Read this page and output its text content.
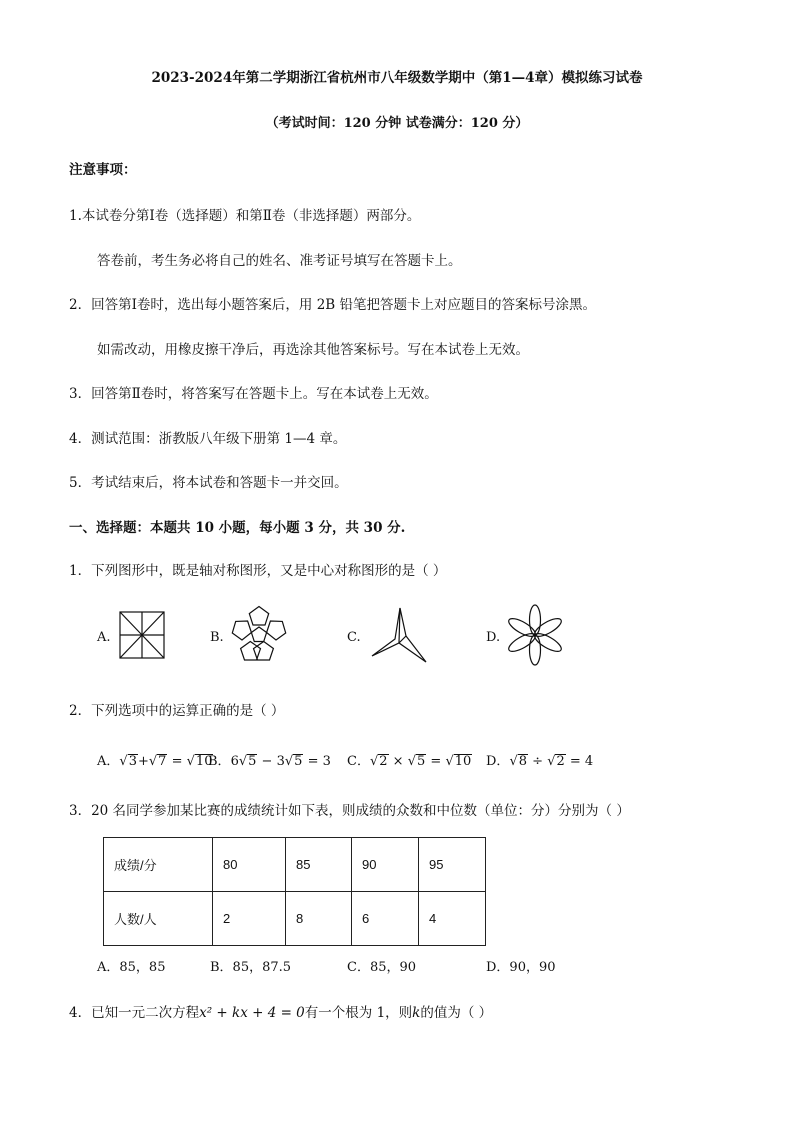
2023-2024年第二学期浙江省杭州市八年级数学期中（第1—4章）模拟练习试卷
（考试时间：120 分钟 试卷满分：120 分）
注意事项：
1.本试卷分第Ⅰ卷（选择题）和第Ⅱ卷（非选择题）两部分。
答卷前，考生务必将自己的姓名、准考证号填写在答题卡上。
2．回答第Ⅰ卷时，选出每小题答案后，用 2B 铅笔把答题卡上对应题目的答案标号涂黑。
如需改动，用橡皮擦干净后，再选涂其他答案标号。写在本试卷上无效。
3．回答第Ⅱ卷时，将答案写在答题卡上。写在本试卷上无效。
4．测试范围：浙教版八年级下册第 1—4 章。
5．考试结束后，将本试卷和答题卡一并交回。
一、选择题：本题共 10 小题，每小题 3 分，共 30 分.
1．下列图形中，既是轴对称图形，又是中心对称图形的是（ ）
A.	B.	C.	D.
2．下列选项中的运算正确的是（ ）
A．√3+√7 = √10
B．6√5 − 3√5 = 3 C．√2 × √5 = √10 D．√8 ÷ √2 = 4
3．20 名同学参加某比赛的成绩统计如下表，则成绩的众数和中位数（单位：分）分别为（ ）
成绩/分	80	85	90	95
人数/人	2	8	6	4
A．85，85	B．85，87.5	C．85，90	D．90，90
4．已知一元二次方程x² + kx + 4 = 0有一个根为 1，则k的值为（ ）
